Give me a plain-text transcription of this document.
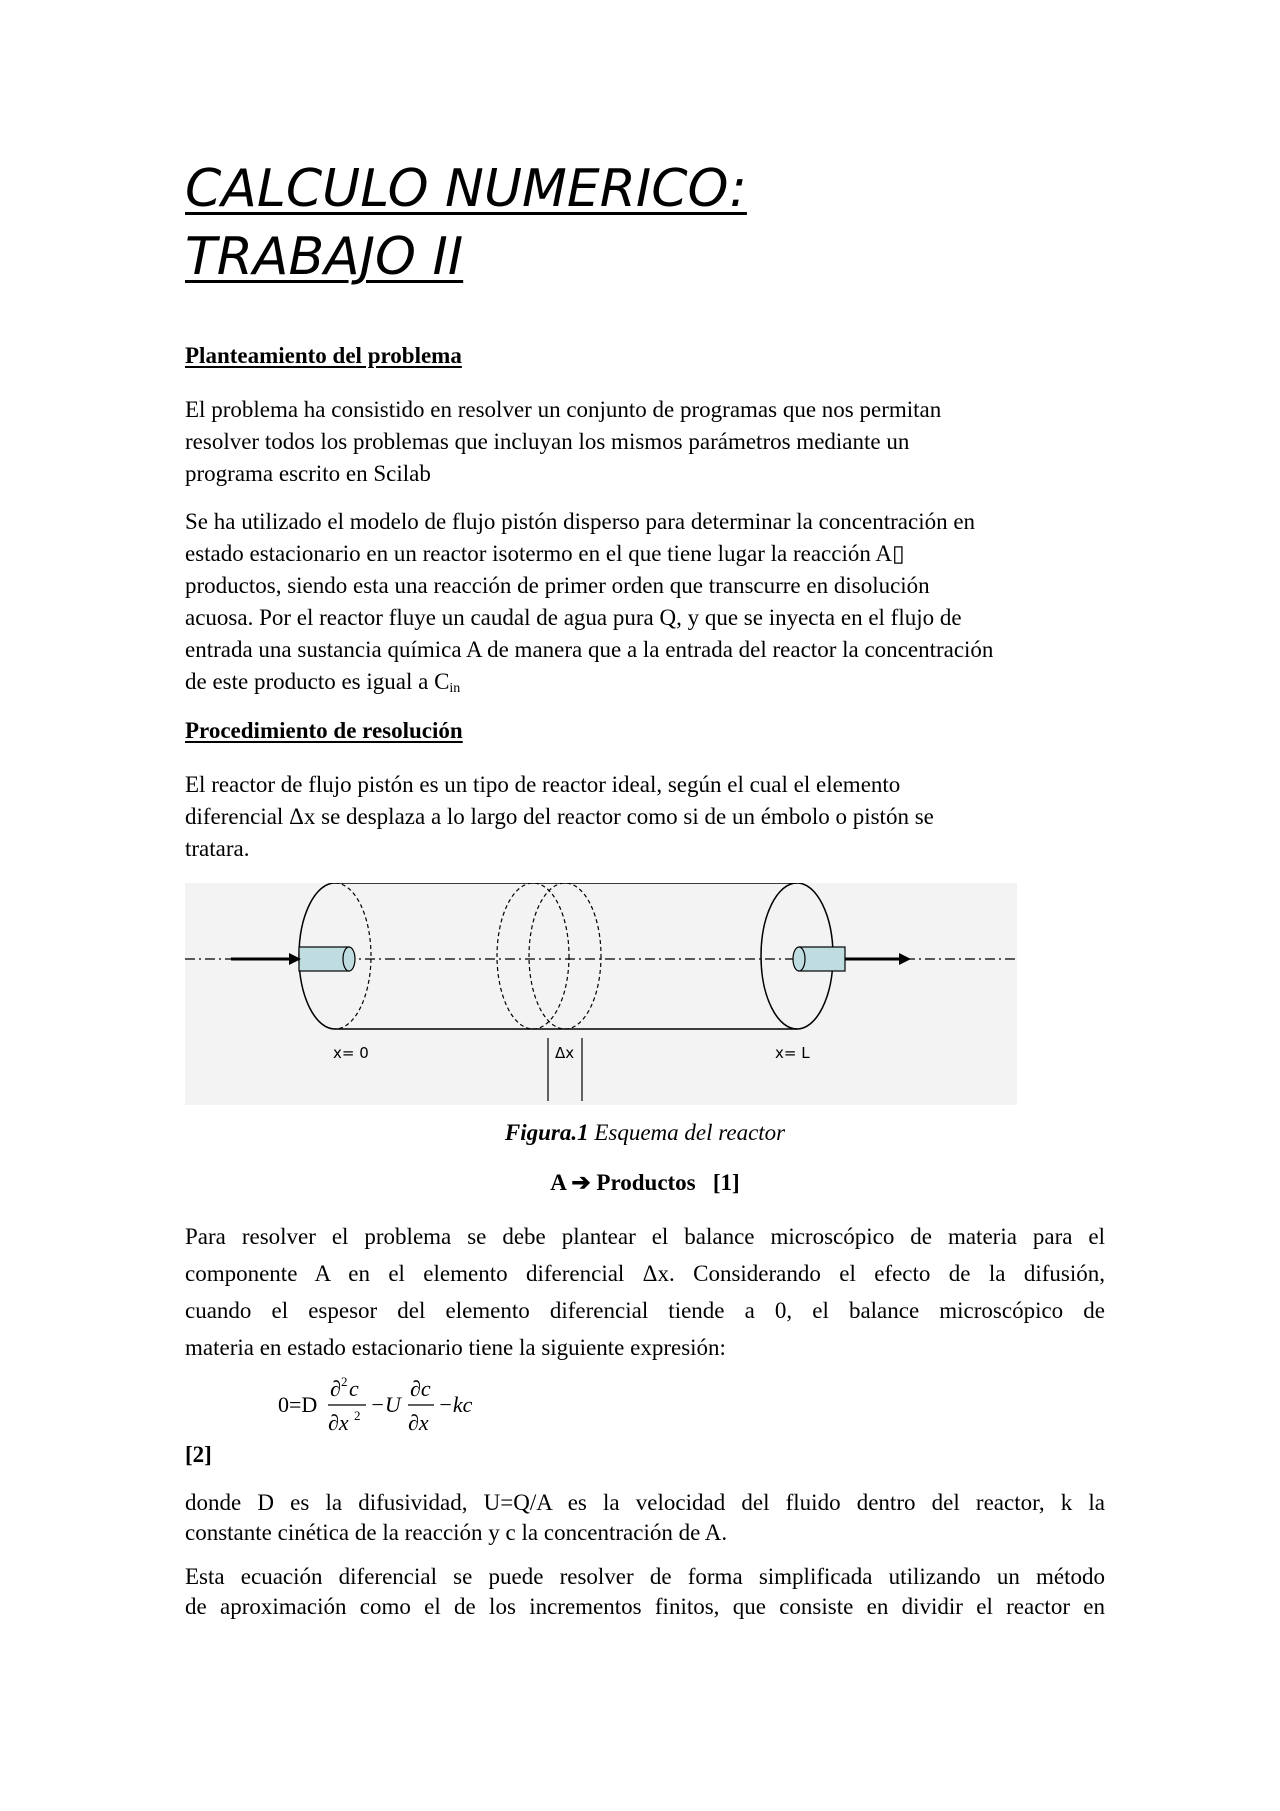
CALCULO NUMERICO:
TRABAJO II
Planteamiento del problema

El problema ha consistido en resolver un conjunto de programas que nos permitan
resolver todos los problemas que incluyan los mismos parámetros mediante un
programa escrito en Scilab

Se ha utilizado el modelo de flujo pistón disperso para determinar la concentración en
estado estacionario en un reactor isotermo en el que tiene lugar la reacción A▯
productos, siendo esta una reacción de primer orden que transcurre en disolución
acuosa. Por el reactor fluye un caudal de agua pura Q, y que se inyecta en el flujo de
entrada una sustancia química A de manera que a la entrada del reactor la concentración
de este producto es igual a $C_{in}$

Procedimiento de resolución

El reactor de flujo pistón es un tipo de reactor ideal, según el cual el elemento
diferencial Δx se desplaza a lo largo del reactor como si de un émbolo o pistón se
tratara.

x= 0	Δx	x= L

Figura.1 Esquema del reactor

A ➔ Productos [1]

Para resolver el problema se debe plantear el balance microscópico de materia para el
componente A en el elemento diferencial Δx. Considerando el efecto de la difusión,
cuando el espesor del elemento diferencial tiende a 0, el balance microscópico de
materia en estado estacionario tiene la siguiente expresión:

0=D
∂ 2 c
∂x 2 −U
∂c
∂x
−kc

[2]

donde D es la difusividad, U=Q/A es la velocidad del fluido dentro del reactor, k la
constante cinética de la reacción y c la concentración de A.

Esta ecuación diferencial se puede resolver de forma simplificada utilizando un método
de aproximación como el de los incrementos finitos, que consiste en dividir el reactor en
